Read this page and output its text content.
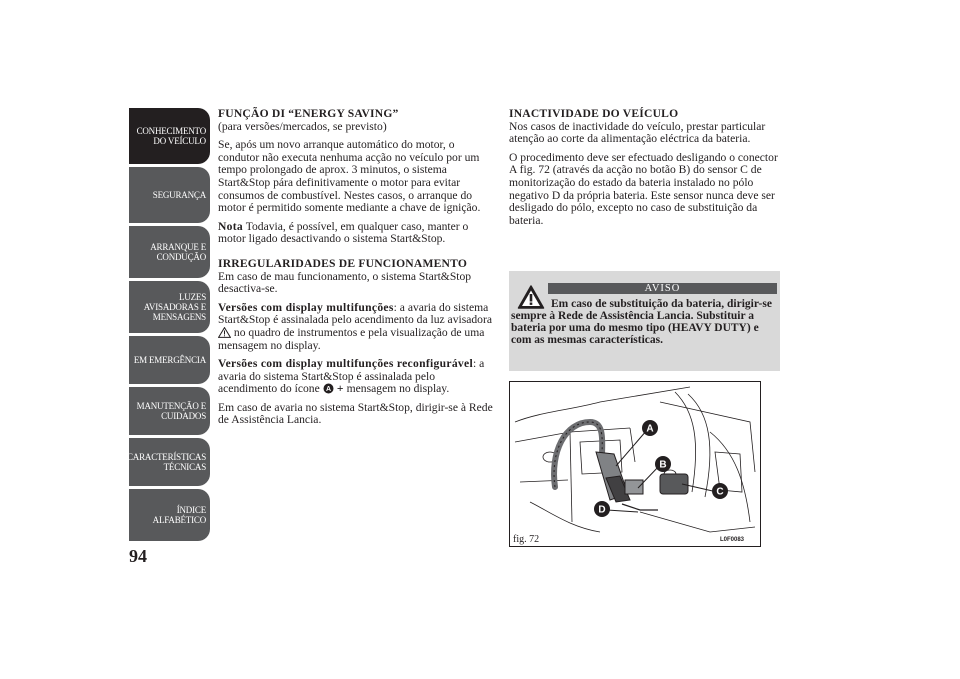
CONHECIMENTO
DO VEÍCULO
SEGURANÇA
ARRANQUE E
CONDUÇÃO
LUZES
AVISADORAS E
MENSAGENS
EM EMERGÊNCIA
MANUTENÇÃO E
CUIDADOS
CARACTERÍSTICAS
TÉCNICAS
ÍNDICE
ALFABÉTICO
94
FUNÇÃO DI “ENERGY SAVING”

(para versões/mercados, se previsto)

Se, após um novo arranque automático do motor, o condutor não executa nenhuma acção no veículo por um tempo prolongado de aprox. 3 minutos, o sistema Start&Stop pára definitivamente o motor para evitar consumos de combustível. Nestes casos, o arranque do motor é permitido somente mediante a chave de ignição.

Nota Todavia, é possível, em qualquer caso, manter o motor ligado desactivando o sistema Start&Stop.

IRREGULARIDADES DE FUNCIONAMENTO

Em caso de mau funcionamento, o sistema Start&Stop desactiva-se.

Versões com display multifunções: a avaria do sistema Start&Stop é assinalada pelo acendimento da luz avisadora  no quadro de instrumentos e pela visualização de uma mensagem no display.

Versões com display multifunções reconfigurável: a avaria do sistema Start&Stop é assinalada pelo acendimento do ícone A + mensagem no display.

Em caso de avaria no sistema Start&Stop, dirigir-se à Rede de Assistência Lancia.

INACTIVIDADE DO VEÍCULO

Nos casos de inactividade do veículo, prestar particular atenção ao corte da alimentação eléctrica da bateria.

O procedimento deve ser efectuado desligando o conector A fig. 72 (através da acção no botão B) do sensor C de monitorização do estado da bateria instalado no pólo negativo D da própria bateria. Este sensor nunca deve ser desligado do pólo, excepto no caso de substituição da bateria.

AVISO
Em caso de substituição da bateria, dirigir-se sempre à Rede de Assistência Lancia. Substituir a bateria por uma do mesmo tipo (HEAVY DUTY) e com as mesmas características.
A
B
C
D
fig. 72	L0F0083
